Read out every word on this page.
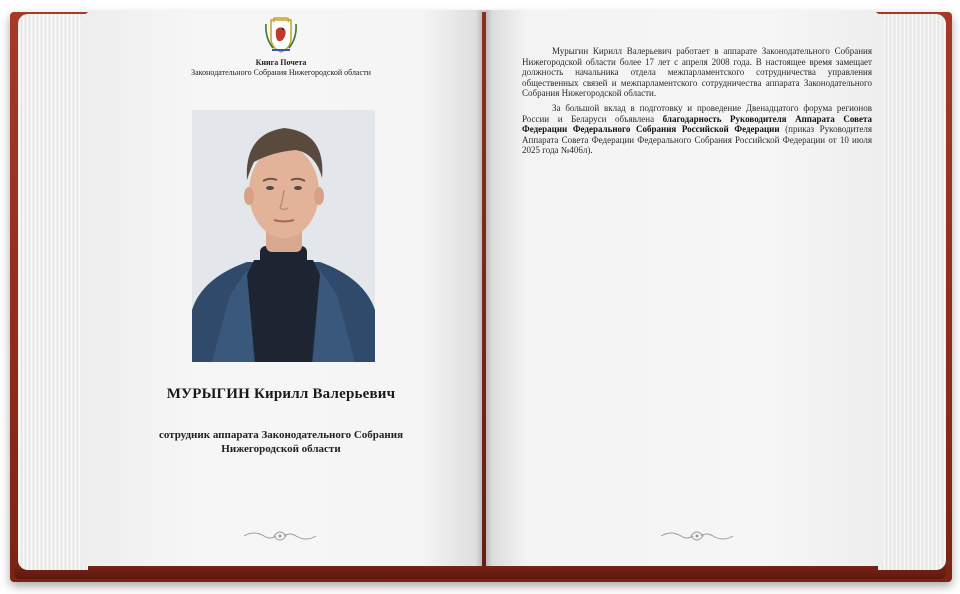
Книга Почета
Законодательного Собрания Нижегородской области
МУРЫГИН Кирилл Валерьевич
сотрудник аппарата Законодательного Собрания
Нижегородской области

Мурыгин Кирилл Валерьевич работает в аппарате Законодательного Собрания Нижегородской области более 17 лет с апреля 2008 года. В настоящее время замещает должность начальника отдела межпарламентского сотрудничества управления общественных связей и межпарламентского сотрудничества аппарата Законодательного Собрания Нижегородской области.

За большой вклад в подготовку и проведение Двенадцатого форума регионов России и Беларуси объявлена благодарность Руководителя Аппарата Совета Федерации Федерального Собрания Российской Федерации (приказ Руководителя Аппарата Совета Федерации Федерального Собрания Российской Федерации от 10 июля 2025 года №406л).
